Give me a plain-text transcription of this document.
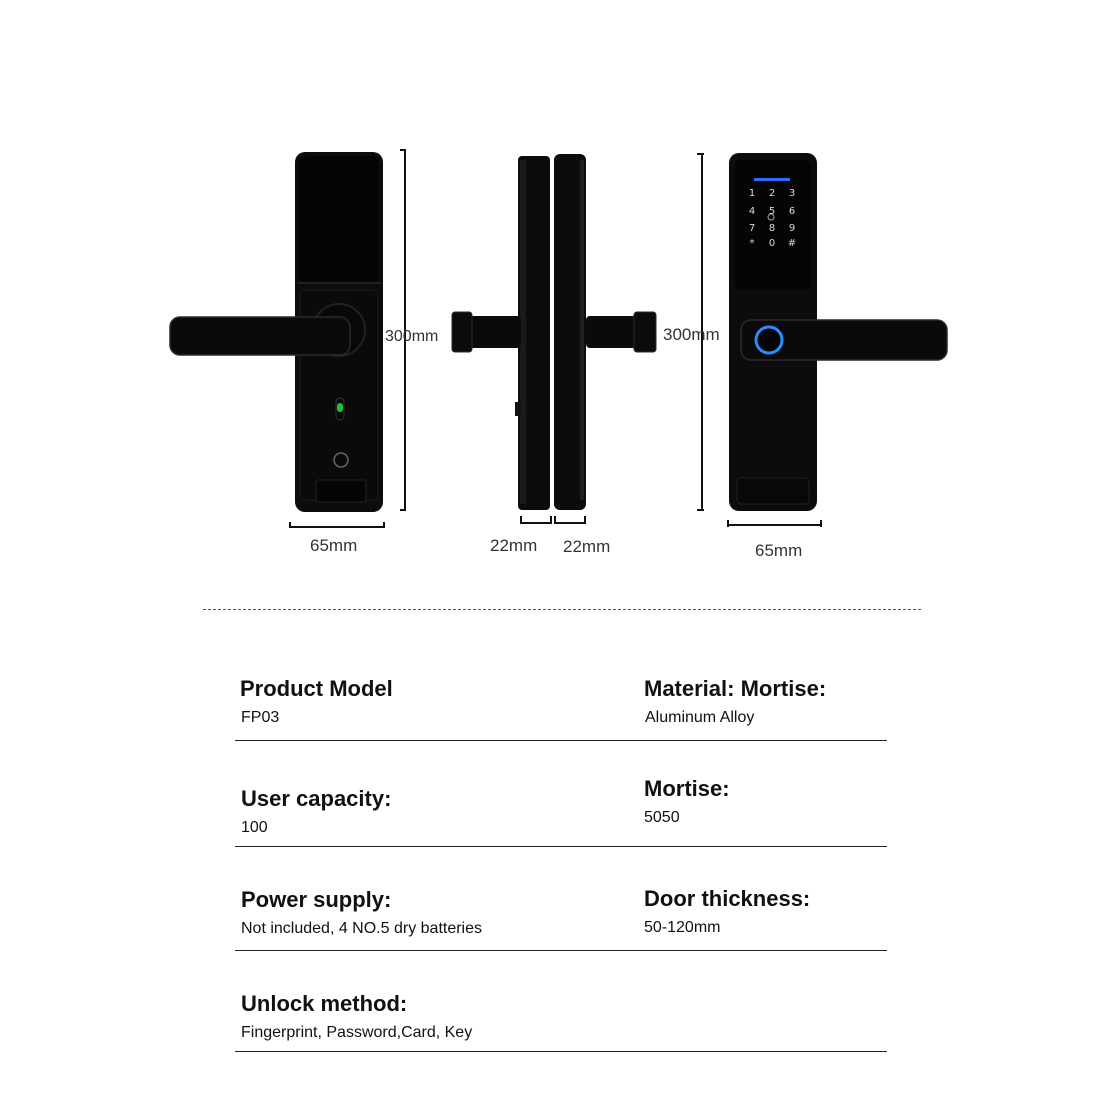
1 2 3
4 5 6
7 8 9
* 0 #
300mm
65mm	22mm 22mm
300mm
65mm
Product Model
FP03
Material: Mortise:
Aluminum Alloy
User capacity:
100
Mortise:
5050
Power supply:
Not included, 4 NO.5 dry batteries
Door thickness:
50-120mm
Unlock method:
Fingerprint, Password,Card, Key
